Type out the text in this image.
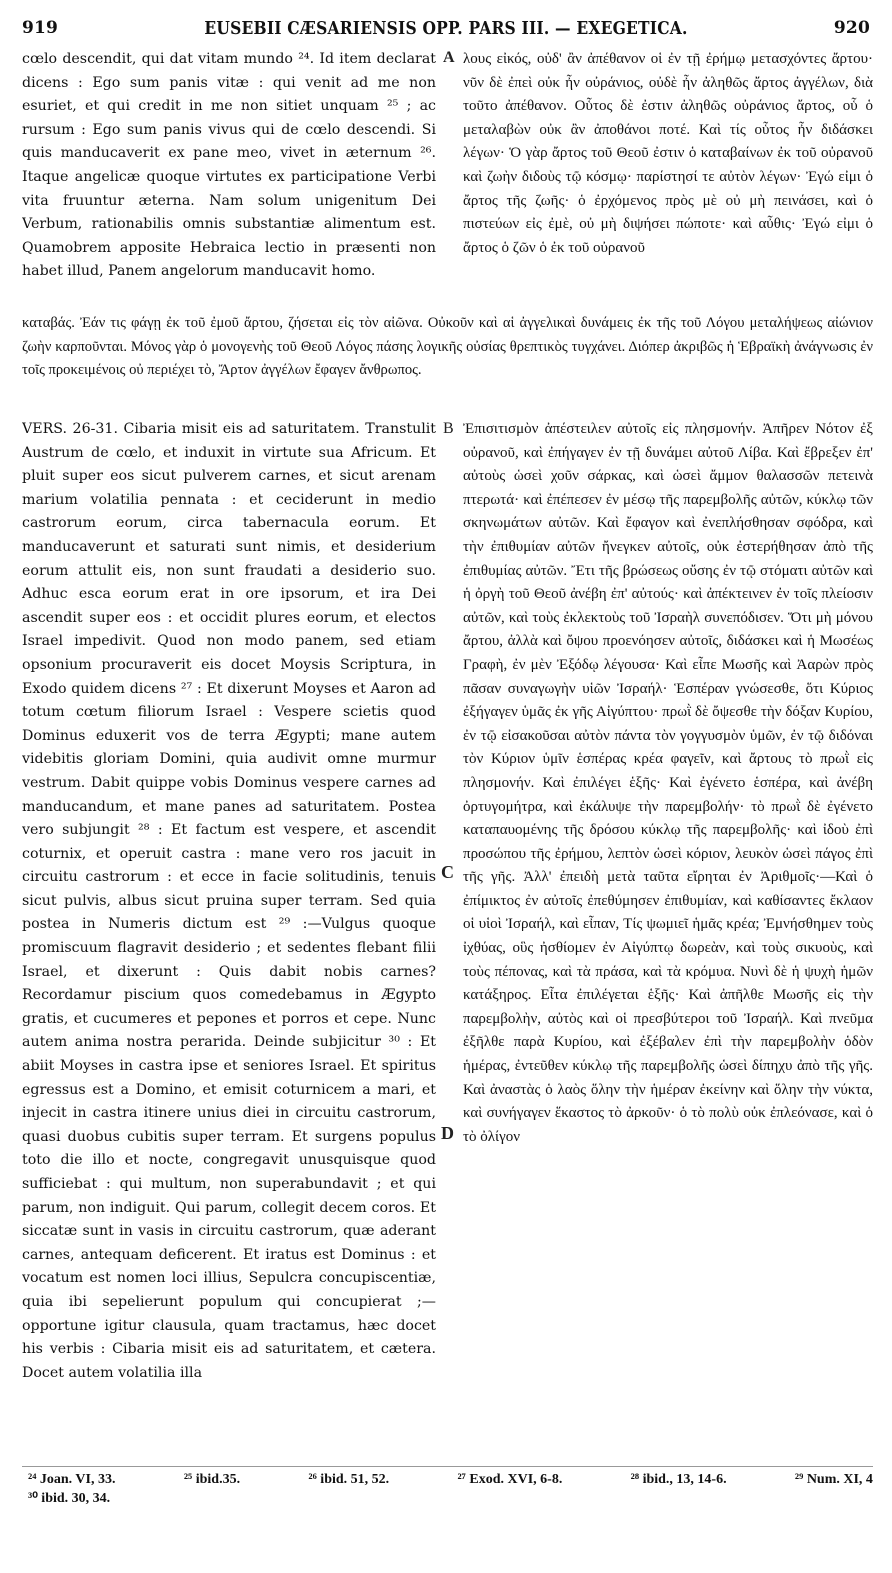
919	EUSEBII CÆSARIENSIS OPP. PARS III. — EXEGETICA.	920
A
B
C
D

cœlo descendit, qui dat vitam mundo ²⁴. Id item declarat dicens : Ego sum panis vitæ : qui venit ad me non esuriet, et qui credit in me non sitiet unquam ²⁵ ; ac rursum : Ego sum panis vivus qui de cœlo descendi. Si quis manducaverit ex pane meo, vivet in æternum ²⁶. Itaque angelicæ quoque virtutes ex participatione Verbi vita fruuntur æterna. Nam solum unigenitum Dei Verbum, rationabilis omnis substantiæ alimentum est. Quamobrem apposite Hebraica lectio in præsenti non habet illud, Panem angelorum manducavit homo.

λους εἰκός, οὐδ' ἂν ἀπέθανον οἱ ἐν τῇ ἐρήμῳ μετασχόντες ἄρτου· νῦν δὲ ἐπεὶ οὐκ ἦν οὐράνιος, οὐδὲ ἦν ἀληθῶς ἄρτος ἀγγέλων, διὰ τοῦτο ἀπέθανον. Οὗτος δὲ ἐστιν ἀληθῶς οὐράνιος ἄρτος, οὗ ὁ μεταλαβὼν οὐκ ἂν ἀποθάνοι ποτέ. Καὶ τίς οὗτος ἦν διδάσκει λέγων· Ὁ γὰρ ἄρτος τοῦ Θεοῦ ἐστιν ὁ καταβαίνων ἐκ τοῦ οὐρανοῦ καὶ ζωὴν διδοὺς τῷ κόσμῳ· παρίστησί τε αὐτὸν λέγων· Ἐγώ εἰμι ὁ ἄρτος τῆς ζωῆς· ὁ ἐρχόμενος πρὸς μὲ οὐ μὴ πεινάσει, καὶ ὁ πιστεύων εἰς ἐμὲ, οὐ μὴ διψήσει πώποτε· καὶ αὖθις· Ἐγώ εἰμι ὁ ἄρτος ὁ ζῶν ὁ ἐκ τοῦ οὐρανοῦ

καταβάς. Ἐάν τις φάγῃ ἐκ τοῦ ἐμοῦ ἄρτου, ζήσεται εἰς τὸν αἰῶνα. Οὐκοῦν καὶ αἱ ἀγγελικαὶ δυνάμεις ἐκ τῆς τοῦ Λόγου μεταλήψεως αἰώνιον ζωὴν καρποῦνται. Μόνος γὰρ ὁ μονογενὴς τοῦ Θεοῦ Λόγος πάσης λογικῆς οὐσίας θρεπτικὸς τυγχάνει. Διόπερ ἀκριβῶς ἡ Ἑβραϊκὴ ἀνάγνωσις ἐν τοῖς προκειμένοις οὐ περιέχει τὸ, Ἄρτον ἀγγέλων ἔφαγεν ἄνθρωπος.

VERS. 26-31. Cibaria misit eis ad saturitatem. Transtulit Austrum de cœlo, et induxit in virtute sua Africum. Et pluit super eos sicut pulverem carnes, et sicut arenam marium volatilia pennata : et ceciderunt in medio castrorum eorum, circa tabernacula eorum. Et manducaverunt et saturati sunt nimis, et desiderium eorum attulit eis, non sunt fraudati a desiderio suo. Adhuc esca eorum erat in ore ipsorum, et ira Dei ascendit super eos : et occidit plures eorum, et electos Israel impedivit. Quod non modo panem, sed etiam opsonium procuraverit eis docet Moysis Scriptura, in Exodo quidem dicens ²⁷ : Et dixerunt Moyses et Aaron ad totum cœtum filiorum Israel : Vespere scietis quod Dominus eduxerit vos de terra Ægypti; mane autem videbitis gloriam Domini, quia audivit omne murmur vestrum. Dabit quippe vobis Dominus vespere carnes ad manducandum, et mane panes ad saturitatem. Postea vero subjungit ²⁸ : Et factum est vespere, et ascendit coturnix, et operuit castra : mane vero ros jacuit in circuitu castrorum : et ecce in facie solitudinis, tenuis sicut pulvis, albus sicut pruina super terram. Sed quia postea in Numeris dictum est ²⁹ :—Vulgus quoque promiscuum flagravit desiderio ; et sedentes flebant filii Israel, et dixerunt : Quis dabit nobis carnes? Recordamur piscium quos comedebamus in Ægypto gratis, et cucumeres et pepones et porros et cepe. Nunc autem anima nostra perarida. Deinde subjicitur ³⁰ : Et abiit Moyses in castra ipse et seniores Israel. Et spiritus egressus est a Domino, et emisit coturnicem a mari, et injecit in castra itinere unius diei in circuitu castrorum, quasi duobus cubitis super terram. Et surgens populus toto die illo et nocte, congregavit unusquisque quod sufficiebat : qui multum, non superabundavit ; et qui parum, non indiguit. Qui parum, collegit decem coros. Et siccatæ sunt in vasis in circuitu castrorum, quæ aderant carnes, antequam deficerent. Et iratus est Dominus : et vocatum est nomen loci illius, Sepulcra concupiscentiæ, quia ibi sepelierunt populum qui concupierat ;—opportune igitur clausula, quam tractamus, hæc docet his verbis : Cibaria misit eis ad saturitatem, et cætera. Docet autem volatilia illa

Ἐπισιτισμὸν ἀπέστειλεν αὐτοῖς εἰς πλησμονήν. Ἀπῆρεν Νότον ἐξ οὐρανοῦ, καὶ ἐπήγαγεν ἐν τῇ δυνάμει αὐτοῦ Λίβα. Καὶ ἔβρεξεν ἐπ' αὐτοὺς ὡσεὶ χοῦν σάρκας, καὶ ὡσεὶ ἄμμον θαλασσῶν πετεινὰ πτερωτά· καὶ ἐπέπεσεν ἐν μέσῳ τῆς παρεμβολῆς αὐτῶν, κύκλῳ τῶν σκηνωμάτων αὐτῶν. Καὶ ἔφαγον καὶ ἐνεπλήσθησαν σφόδρα, καὶ τὴν ἐπιθυμίαν αὐτῶν ἤνεγκεν αὐτοῖς, οὐκ ἐστερήθησαν ἀπὸ τῆς ἐπιθυμίας αὐτῶν. Ἔτι τῆς βρώσεως οὔσης ἐν τῷ στόματι αὐτῶν καὶ ἡ ὀργὴ τοῦ Θεοῦ ἀνέβη ἐπ' αὐτούς· καὶ ἀπέκτεινεν ἐν τοῖς πλείοσιν αὐτῶν, καὶ τοὺς ἐκλεκτοὺς τοῦ Ἰσραὴλ συνεπόδισεν. Ὅτι μὴ μόνου ἄρτου, ἀλλὰ καὶ ὄψου προενόησεν αὐτοῖς, διδάσκει καὶ ἡ Μωσέως Γραφὴ, ἐν μὲν Ἐξόδῳ λέγουσα· Καὶ εἶπε Μωσῆς καὶ Ἀαρὼν πρὸς πᾶσαν συναγωγὴν υἱῶν Ἰσραήλ· Ἑσπέραν γνώσεσθε, ὅτι Κύριος ἐξήγαγεν ὑμᾶς ἐκ γῆς Αἰγύπτου· πρωῒ δὲ ὄψεσθε τὴν δόξαν Κυρίου, ἐν τῷ εἰσακοῦσαι αὐτὸν πάντα τὸν γογγυσμὸν ὑμῶν, ἐν τῷ διδόναι τὸν Κύριον ὑμῖν ἑσπέρας κρέα φαγεῖν, καὶ ἄρτους τὸ πρωῒ εἰς πλησμονήν. Καὶ ἐπιλέγει ἑξῆς· Καὶ ἐγένετο ἑσπέρα, καὶ ἀνέβη ὀρτυγομήτρα, καὶ ἐκάλυψε τὴν παρεμβολήν· τὸ πρωῒ δὲ ἐγένετο καταπαυομένης τῆς δρόσου κύκλῳ τῆς παρεμβολῆς· καὶ ἰδοὺ ἐπὶ προσώπου τῆς ἐρήμου, λεπτὸν ὡσεὶ κόριον, λευκὸν ὡσεὶ πάγος ἐπὶ τῆς γῆς. Ἀλλ' ἐπειδὴ μετὰ ταῦτα εἴρηται ἐν Ἀριθμοῖς·—Καὶ ὁ ἐπίμικτος ἐν αὐτοῖς ἐπεθύμησεν ἐπιθυμίαν, καὶ καθίσαντες ἔκλαον οἱ υἱοὶ Ἰσραήλ, καὶ εἶπαν, Τίς ψωμιεῖ ἡμᾶς κρέα; Ἐμνήσθημεν τοὺς ἰχθύας, οὓς ἠσθίομεν ἐν Αἰγύπτῳ δωρεὰν, καὶ τοὺς σικυοὺς, καὶ τοὺς πέπονας, καὶ τὰ πράσα, καὶ τὰ κρόμυα. Νυνὶ δὲ ἡ ψυχὴ ἡμῶν κατάξηρος. Εἶτα ἐπιλέγεται ἑξῆς· Καὶ ἀπῆλθε Μωσῆς εἰς τὴν παρεμβολὴν, αὐτὸς καὶ οἱ πρεσβύτεροι τοῦ Ἰσραήλ. Καὶ πνεῦμα ἐξῆλθε παρὰ Κυρίου, καὶ ἐξέβαλεν ἐπὶ τὴν παρεμβολὴν ὁδὸν ἡμέρας, ἐντεῦθεν κύκλῳ τῆς παρεμβολῆς ὡσεὶ δίπηχυ ἀπὸ τῆς γῆς. Καὶ ἀναστὰς ὁ λαὸς ὅλην τὴν ἡμέραν ἐκείνην καὶ ὅλην τὴν νύκτα, καὶ συνήγαγεν ἕκαστος τὸ ἀρκοῦν· ὁ τὸ πολὺ οὐκ ἐπλεόνασε, καὶ ὁ τὸ ὀλίγον

²⁴ Joan. VI, 33.	²⁵ ibid.35.	²⁶ ibid. 51, 52.	²⁷ Exod. XVI, 6-8.	²⁸ ibid., 13, 14-6.	²⁹ Num. XI, 4
³⁰ ibid. 30, 34.
